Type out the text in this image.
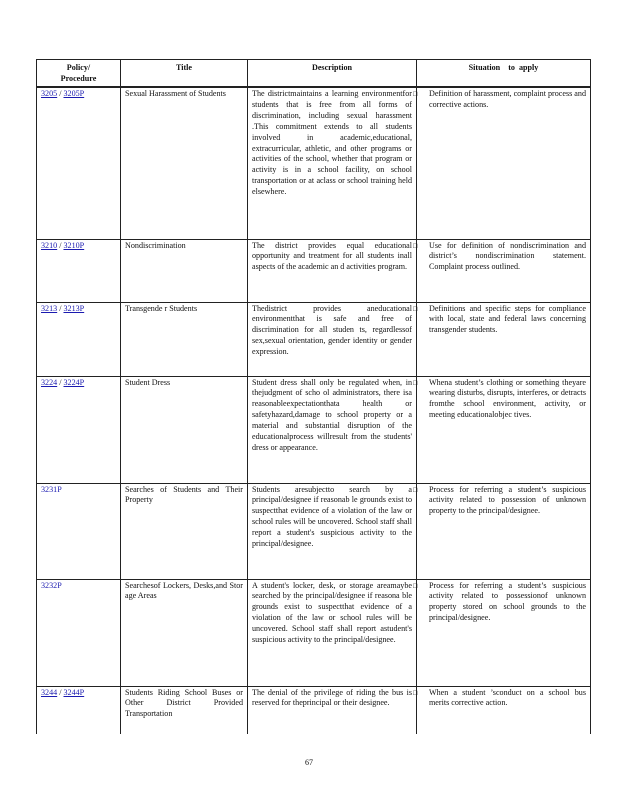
Policy/
Procedure	Title	Description	Situation    to  apply
3205 / 3205P	Sexual Harassment of Students	The districtmaintains a learning environmentfor students that is free from all forms of discrimination, including sexual harassment .This commitment extends to all students involved in academic,educational, extracurricular, athletic, and other programs or activities of the school, whether that program or activity is in a school facility, on school transportation or at aclass or school training held elsewhere.	□ Definition of harassment, complaint process and corrective actions.

3210 / 3210P	Nondiscrimination	The district provides equal educational opportunity and treatment for all students inall aspects of the academic an d activities program.	□ Use for definition of nondiscrimination and district’s nondiscrimination statement. Complaint process outlined.

3213 / 3213P	Transgende r Students	Thedistrict provides aneducational environmentthat is safe and free of discrimination for all studen ts, regardlessof sex,sexual orientation, gender identity or gender expression.	□ Definitions and specific steps for compliance with local, state and federal laws concerning transgender students.

3224 / 3224P	Student Dress	Student dress shall only be regulated when, in thejudgment of scho ol administrators, there isa reasonableexpectationthata health or safetyhazard,damage to school property or a material and substantial disruption of the educationalprocess willresult from the students' dress or appearance.	□ Whena student’s clothing or something theyare wearing disturbs, disrupts, interferes, or detracts fromthe school environment, activity, or meeting educationalobjec tives.

3231P	Searches of Students and Their Property	Students aresubjectto search by a principal/designee if reasonab le grounds exist to suspectthat evidence of a violation of the law or school rules will be uncovered. School staff shall report a student's suspicious activity to the principal/designee.	□ Process for referring a student’s suspicious activity related to possession of unknown property to the principal/designee.

3232P	Searchesof Lockers, Desks,and Stor age Areas	A student's locker, desk, or storage areamaybe searched by the principal/designee if reasona ble grounds exist to suspectthat evidence of a violation of the law or school rules will be uncovered. School staff shall report astudent's suspicious activity to the principal/designee.	□ Process for referring a student’s suspicious activity related to possessionof unknown property stored on school grounds to the principal/designee.

3244 / 3244P	Students Riding School Buses or Other District Provided Transportation	The denial of the privilege of riding the bus is reserved for theprincipal or their designee.	□ When a student ’sconduct on a school bus merits corrective action.
67
